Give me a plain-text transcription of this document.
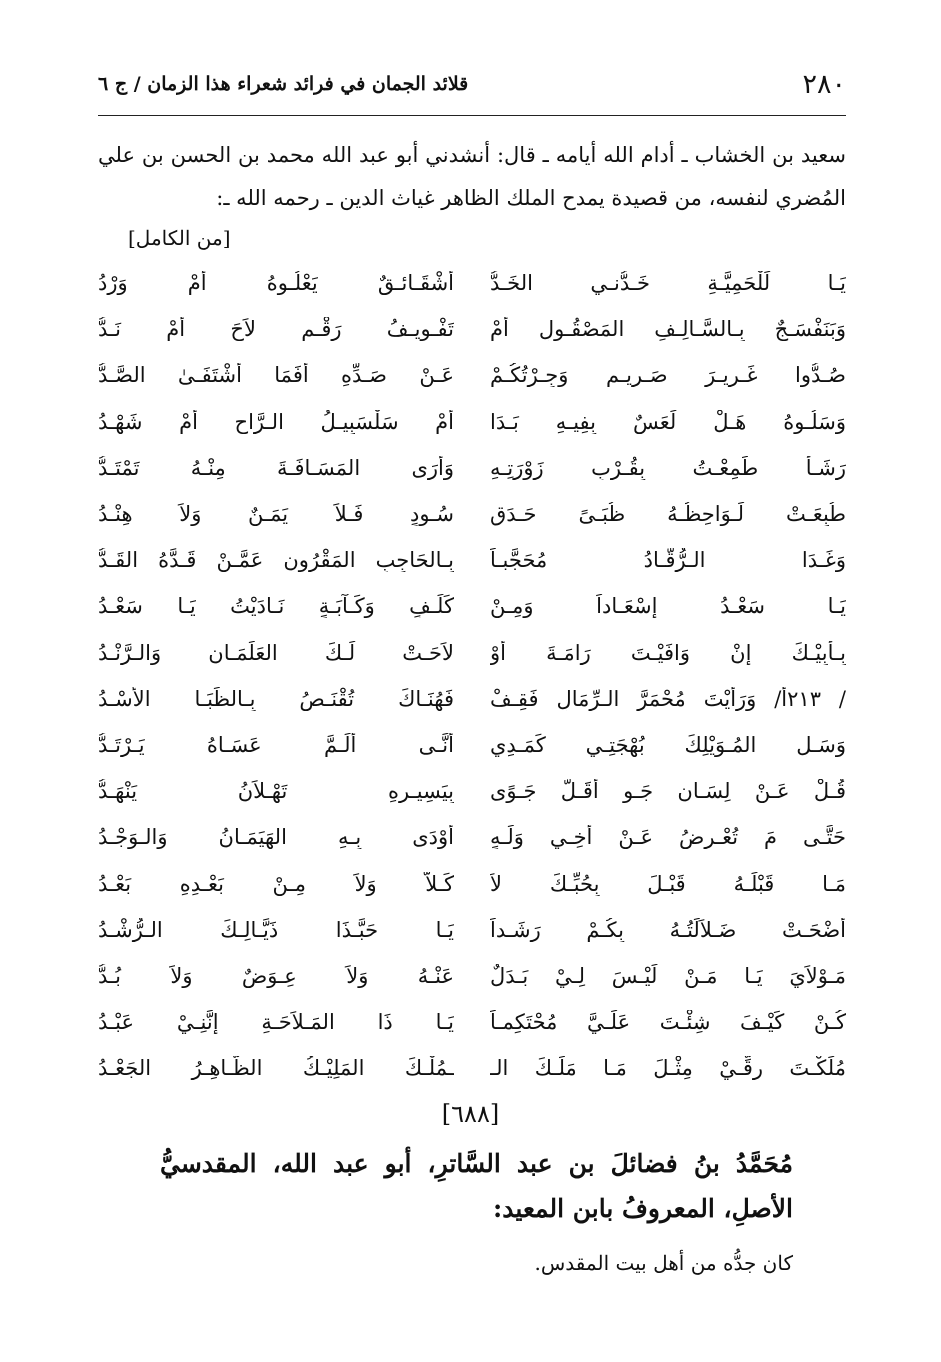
٢٨٠
قلائد الجمان في فرائد شعراء هذا الزمان / ج ٦
سعيد بن الخشاب ـ أدام الله أيامه ـ قال: أنشدني أبو عبد الله محمد بن الحسن بن علي المُضري لنفسه، من قصيدة يمدح الملك الظاهر غياث الدين ـ رحمه الله ـ:
[من الكامل]
يَـا لَلْحَمِيَّـةِ خَـدُّنـي الخَـدُّ
أشْقَـائـقٌ يَعْلُـوهُ أَمْ وَرْدُ
وَبَنَفْسَـجٌ بِـالسَّـالِـفِ المَصْقُـولِ أَمْ
تَفْـوِيـفُ رَقْـمٍ لاَحَ أَمْ نَـدُّ
صُـدُّوا غَـرِيـرَ صَـرِيـمٍ وَجِـرْتُكُـمْ
عَـنْ صَـدِّهِ أَفَمَا أَشْتَفَـىٰ الصَّـدُّ
وَسَلُـوهُ هَـلْ لَعَسٌ بِفِيـهِ بَـدَا
أَمْ سَلْسَبِيـلُ الـرَّاحِ أَمْ شَهْـدُ
رَشَـأٌ طَمِعْـتُ بِقُـرْبِ زَوْرَتِـهِ
وَأَرَى المَسَـافَـةَ مِنْـهُ تَمْتَـدُّ
طُبِعَـتْ لَـوَاحِظُـهُ ظُبَـىً حَـدَقٍ
سُـودٍ فَـلاَ يَمَـنٌ وَلاَ هِنْـدُ
وَغَـدَا الـرُّقَّـادُ مُحَجَّبـاً
بِـالحَاجِبِ المَقْرُونِ عَمَّـنْ قَـدَّهُ القَـدُّ
يَـا سَعْـدُ إِسْعَـاداً وَمِـنْ
كَلَـفٍ وَكَـآبَـةٍ نَـادَيْتُ يَـا سَعْـدُ
بِـأَبِيْـكَ إِنْ وَافَيْـتَ رَامَـةَ أَوْ
لاَحَـتْ لَـكَ العَلَمَـانِ وَالـرَّنْـدُ
/ ٢١٣أ/ وَرَأَيْتَ مُحْمَرَّ الـرِّمَالِ فَقِـفْ
فَهُنَـاكَ تُقْنَـصُ بِـالظِّبَـا الأُسْـدُ
وَسَـلِ المُـوَيْلِكَ بُهْجَتِـي كَمَـدِي
أَنَّـى أَلَـمَّ عَسَـاهُ يَـرْتَـدُّ
قُـلْ عَـنْ لِسَـانِ جَـوٍ أَقَـلَّ جَـوًى
بِيَسِيـرِهِ تَهْـلاَنُ يَنْهَـدُّ
حَتَّـى مَ تُعْـرِضُ عَـنْ أَخِـي وَلَـهٍ
أَوْدَى بِـهِ الهَيَمَـانُ وَالـوَجْـدُ
مَـا قَبْلَـهُ قَبْـلَ بِحُبِّـكَ لاَ
كَـلاَّ وَلاَ مِـنْ بَعْـدِهِ بَعْـدُ
أَضْحَـتْ ضَـلاَلَتُـهُ بِكُـمْ رَشَـداً
يَـا حَبَّـذَا ذَيَّـالِـكَ الـرُّشْـدُ
مَـوْلاَيَ يَـا مَـنْ لَيْـسَ لِـيْ بَـدَلٌ
عَنْـهُ وَلاَ عِـوَضٌ وَلاَ بُـدُّ
كُـنْ كَيْـفَ شِئْـتَ عَلَـيَّ مُحْتَكِمـاً
يَـا ذَا المَـلاَحَـةِ إِنَّنِـيْ عَبْـدُ
مُلِّكْـتَ رِقِّـيْ مِثْـلَ مَـا مَلَـكَ الـ
ـمُلْـكَ المَلِيْـكُ الظَّـاهِـرُ الجَعْـدُ
[٦٨٨]
مُحَمَّدُ بنُ فضائلَ بن عبد السَّاترِ، أبو عبد الله، المقدسيُّ الأصلِ، المعروفُ بابن المعيد:
كان جدُّه من أهل بيت المقدس.
